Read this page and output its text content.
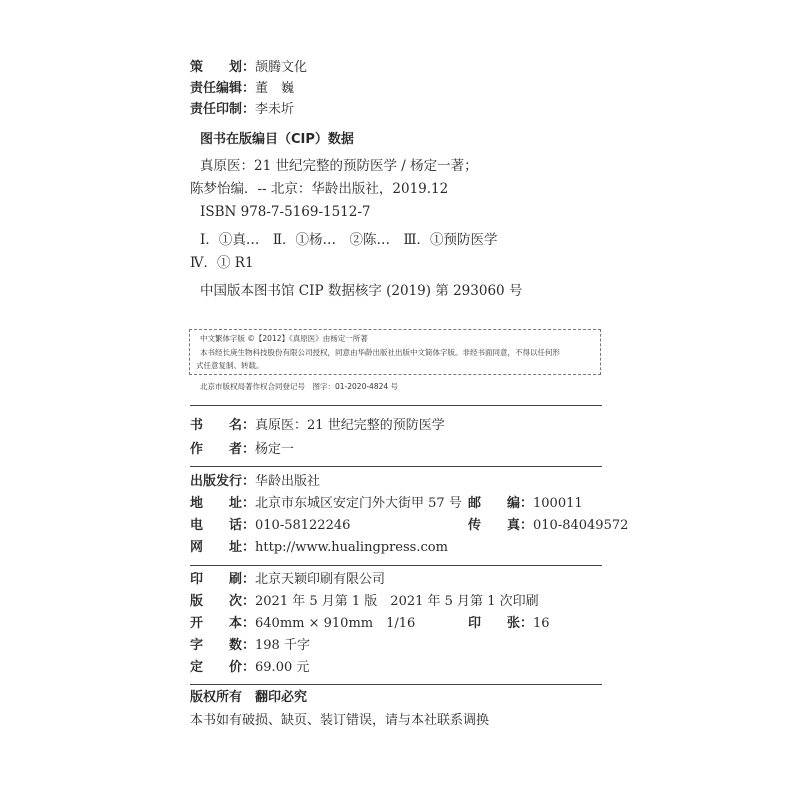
策　　划：颉腾文化
责任编辑：董　巍
责任印制：李未圻
图书在版编目（CIP）数据
真原医：21 世纪完整的预防医学 / 杨定一著；
陈梦怡编．-- 北京：华龄出版社，2019.12
ISBN 978-7-5169-1512-7
Ⅰ．①真…　Ⅱ．①杨…　②陈…　Ⅲ．①预防医学
Ⅳ．① R1
中国版本图书馆 CIP 数据核字 (2019) 第 293060 号
中文繁体字版 ©【2012】《真原医》由杨定一所著
本书经长庚生物科技股份有限公司授权，同意由华龄出版社出版中文简体字版。非经书面同意，不得以任何形
式任意复制、转载。
北京市版权局著作权合同登记号　图字：01-2020-4824 号
书　　名：真原医：21 世纪完整的预防医学
作　　者：杨定一
出版发行：华龄出版社
地　　址：北京市东城区安定门外大街甲 57 号 邮　　编：100011
电　　话：010-58122246	传　　真：010-84049572
网　　址：http://www.hualingpress.com
印　　刷：北京天颖印刷有限公司
版　　次：2021 年 5 月第 1 版　2021 年 5 月第 1 次印刷
开　　本：640mm × 910mm　1/16	印　　张：16
字　　数：198 千字
定　　价：69.00 元
版权所有　翻印必究
本书如有破损、缺页、装订错误，请与本社联系调换
